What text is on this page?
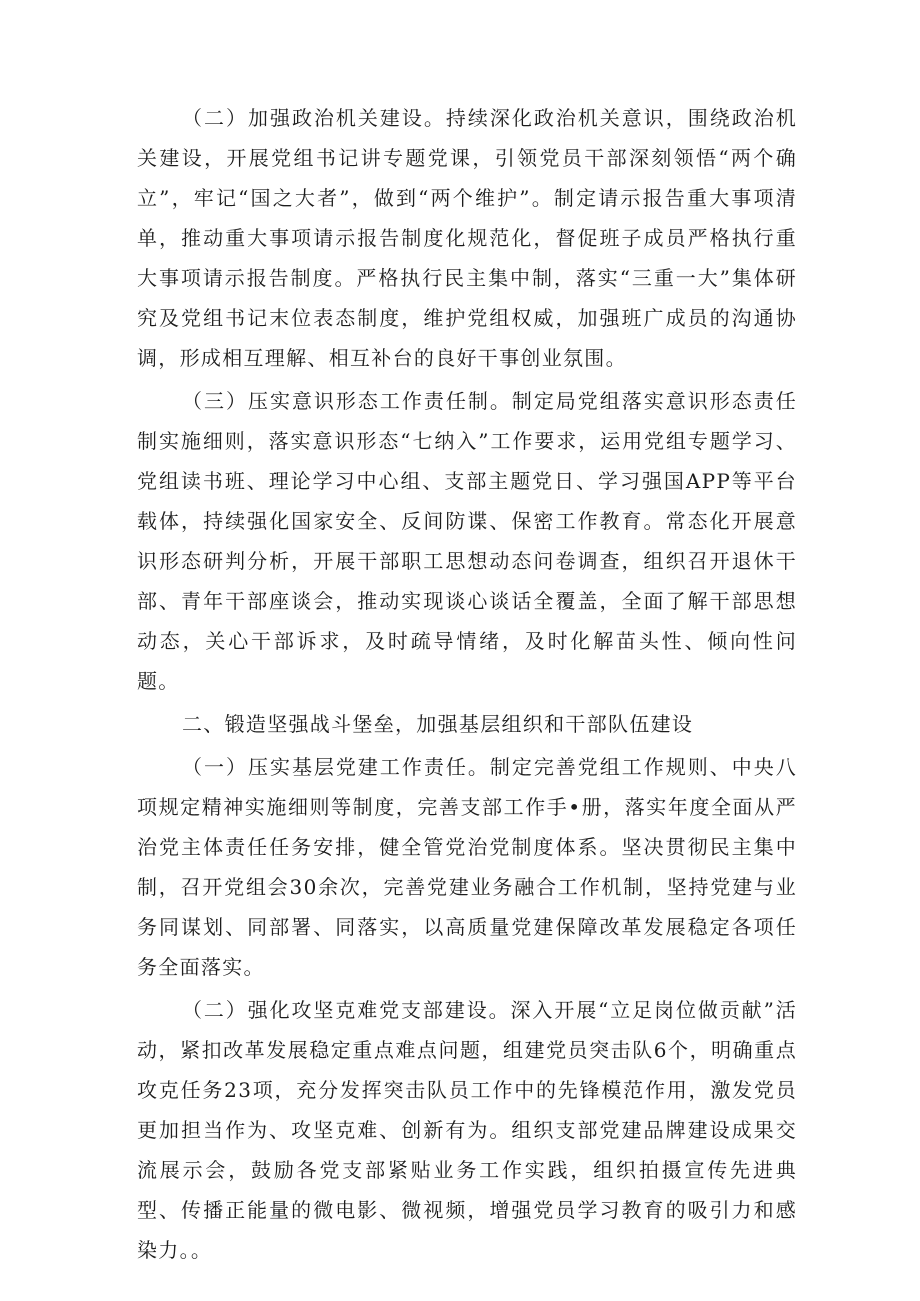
（二）加强政治机关建设。持续深化政治机关意识，围绕政治机关建设，开展党组书记讲专题党课，引领党员干部深刻领悟“两个确立”，牢记“国之大者”，做到“两个维护”。制定请示报告重大事项清单，推动重大事项请示报告制度化规范化，督促班子成员严格执行重大事项请示报告制度。严格执行民主集中制，落实“三重一大”集体研究及党组书记末位表态制度，维护党组权威，加强班广成员的沟通协调，形成相互理解、相互补台的良好干事创业氛围。

（三）压实意识形态工作责任制。制定局党组落实意识形态责任制实施细则，落实意识形态“七纳入”工作要求，运用党组专题学习、党组读书班、理论学习中心组、支部主题党日、学习强国APP等平台载体，持续强化国家安全、反间防谍、保密工作教育。常态化开展意识形态研判分析，开展干部职工思想动态问卷调查，组织召开退休干部、青年干部座谈会，推动实现谈心谈话全覆盖，全面了解干部思想动态，关心干部诉求，及时疏导情绪，及时化解苗头性、倾向性问题。

二、锻造坚强战斗堡垒，加强基层组织和干部队伍建设

（一）压实基层党建工作责任。制定完善党组工作规则、中央八项规定精神实施细则等制度，完善支部工作手•册，落实年度全面从严治党主体责任任务安排，健全管党治党制度体系。坚决贯彻民主集中制，召开党组会30余次，完善党建业务融合工作机制，坚持党建与业务同谋划、同部署、同落实，以高质量党建保障改革发展稳定各项任务全面落实。

（二）强化攻坚克难党支部建设。深入开展“立足岗位做贡献”活动，紧扣改革发展稳定重点难点问题，组建党员突击队6个，明确重点攻克任务23项，充分发挥突击队员工作中的先锋模范作用，激发党员更加担当作为、攻坚克难、创新有为。组织支部党建品牌建设成果交流展示会，鼓励各党支部紧贴业务工作实践，组织拍摄宣传先进典型、传播正能量的微电影、微视频，增强党员学习教育的吸引力和感染力。。
